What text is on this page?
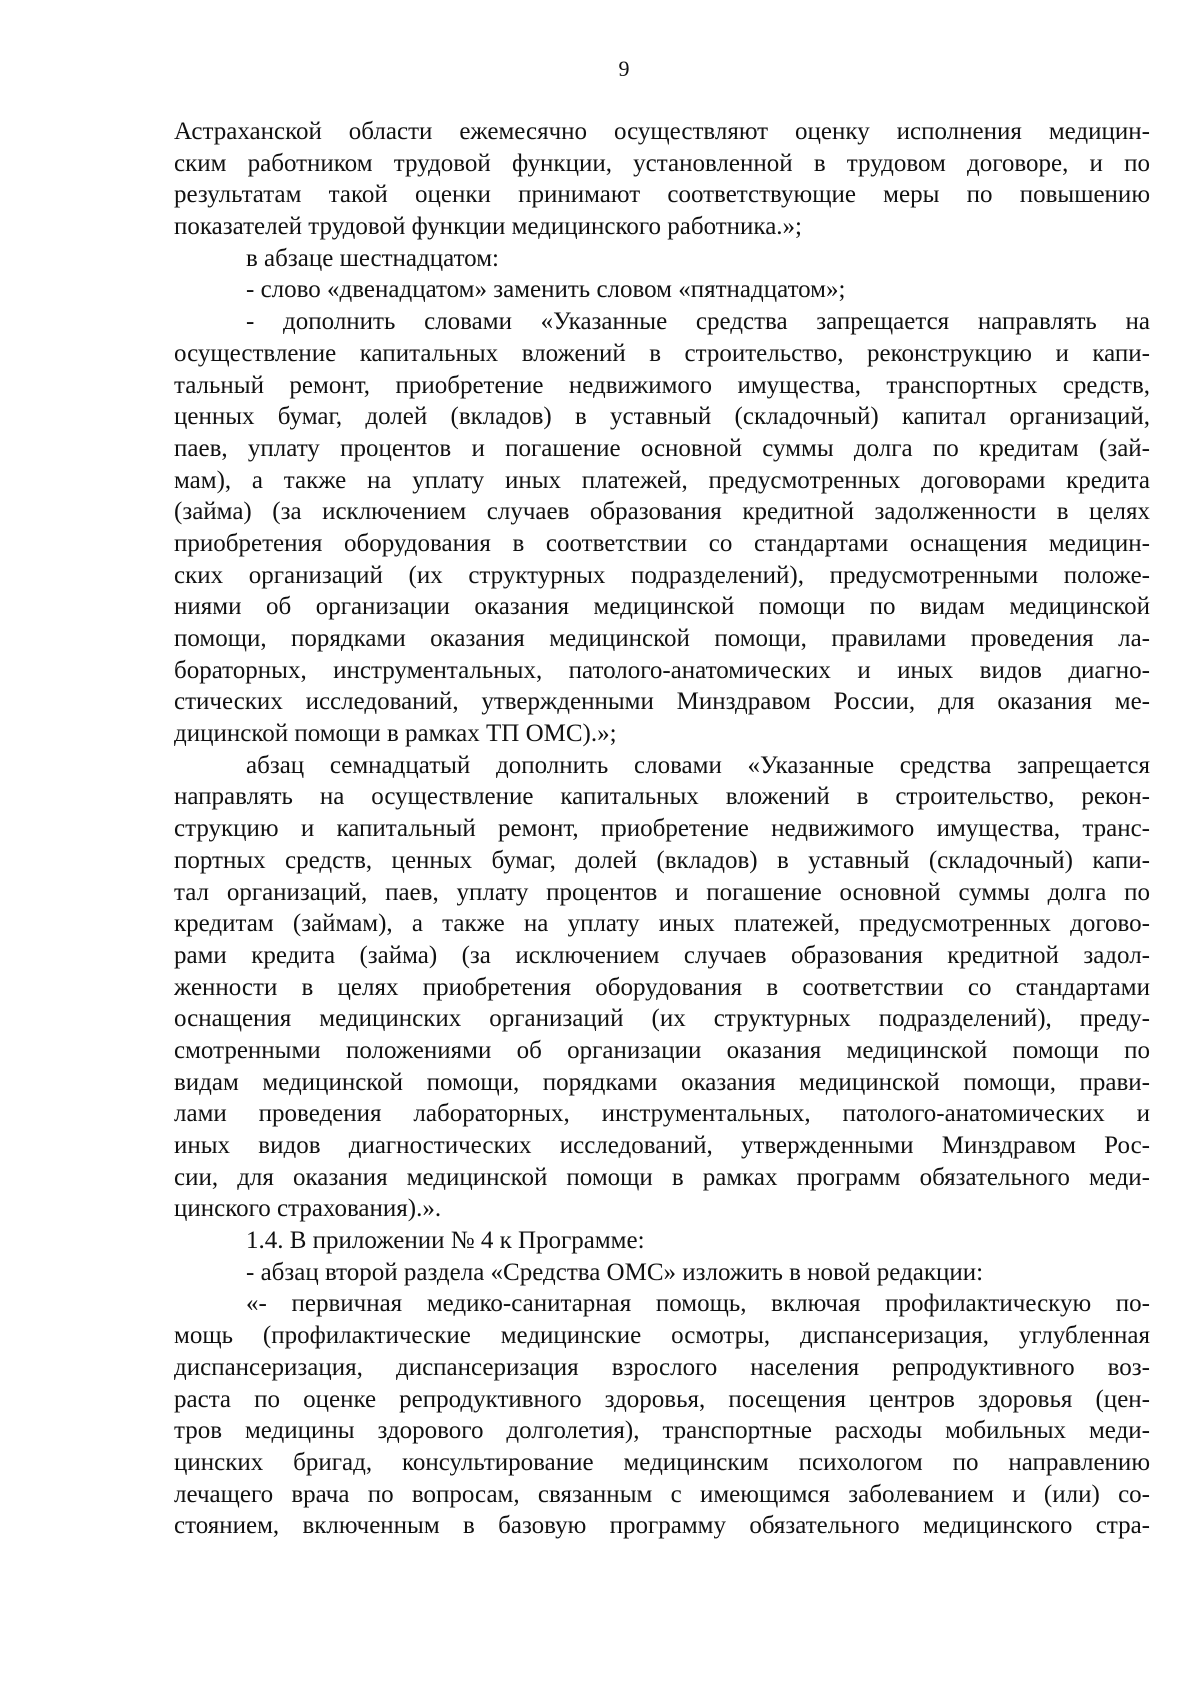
9
Астраханской области ежемесячно осуществляют оценку исполнения медицин-
ским работником трудовой функции, установленной в трудовом договоре, и по
результатам такой оценки принимают соответствующие меры по повышению
показателей трудовой функции медицинского работника.»;
в абзаце шестнадцатом:
- слово «двенадцатом» заменить словом «пятнадцатом»;
- дополнить словами «Указанные средства запрещается направлять на
осуществление капитальных вложений в строительство, реконструкцию и капи-
тальный ремонт, приобретение недвижимого имущества, транспортных средств,
ценных бумаг, долей (вкладов) в уставный (складочный) капитал организаций,
паев, уплату процентов и погашение основной суммы долга по кредитам (зай-
мам), а также на уплату иных платежей, предусмотренных договорами кредита
(займа) (за исключением случаев образования кредитной задолженности в целях
приобретения оборудования в соответствии со стандартами оснащения медицин-
ских организаций (их структурных подразделений), предусмотренными положе-
ниями об организации оказания медицинской помощи по видам медицинской
помощи, порядками оказания медицинской помощи, правилами проведения ла-
бораторных, инструментальных, патолого-анатомических и иных видов диагно-
стических исследований, утвержденными Минздравом России, для оказания ме-
дицинской помощи в рамках ТП ОМС).»;
абзац семнадцатый дополнить словами «Указанные средства запрещается
направлять на осуществление капитальных вложений в строительство, рекон-
струкцию и капитальный ремонт, приобретение недвижимого имущества, транс-
портных средств, ценных бумаг, долей (вкладов) в уставный (складочный) капи-
тал организаций, паев, уплату процентов и погашение основной суммы долга по
кредитам (займам), а также на уплату иных платежей, предусмотренных догово-
рами кредита (займа) (за исключением случаев образования кредитной задол-
женности в целях приобретения оборудования в соответствии со стандартами
оснащения медицинских организаций (их структурных подразделений), преду-
смотренными положениями об организации оказания медицинской помощи по
видам медицинской помощи, порядками оказания медицинской помощи, прави-
лами проведения лабораторных, инструментальных, патолого-анатомических и
иных видов диагностических исследований, утвержденными Минздравом Рос-
сии, для оказания медицинской помощи в рамках программ обязательного меди-
цинского страхования).».
1.4. В приложении № 4 к Программе:
- абзац второй раздела «Средства ОМС» изложить в новой редакции:
«- первичная медико-санитарная помощь, включая профилактическую по-
мощь (профилактические медицинские осмотры, диспансеризация, углубленная
диспансеризация, диспансеризация взрослого населения репродуктивного воз-
раста по оценке репродуктивного здоровья, посещения центров здоровья (цен-
тров медицины здорового долголетия), транспортные расходы мобильных меди-
цинских бригад, консультирование медицинским психологом по направлению
лечащего врача по вопросам, связанным с имеющимся заболеванием и (или) со-
стоянием, включенным в базовую программу обязательного медицинского стра-
